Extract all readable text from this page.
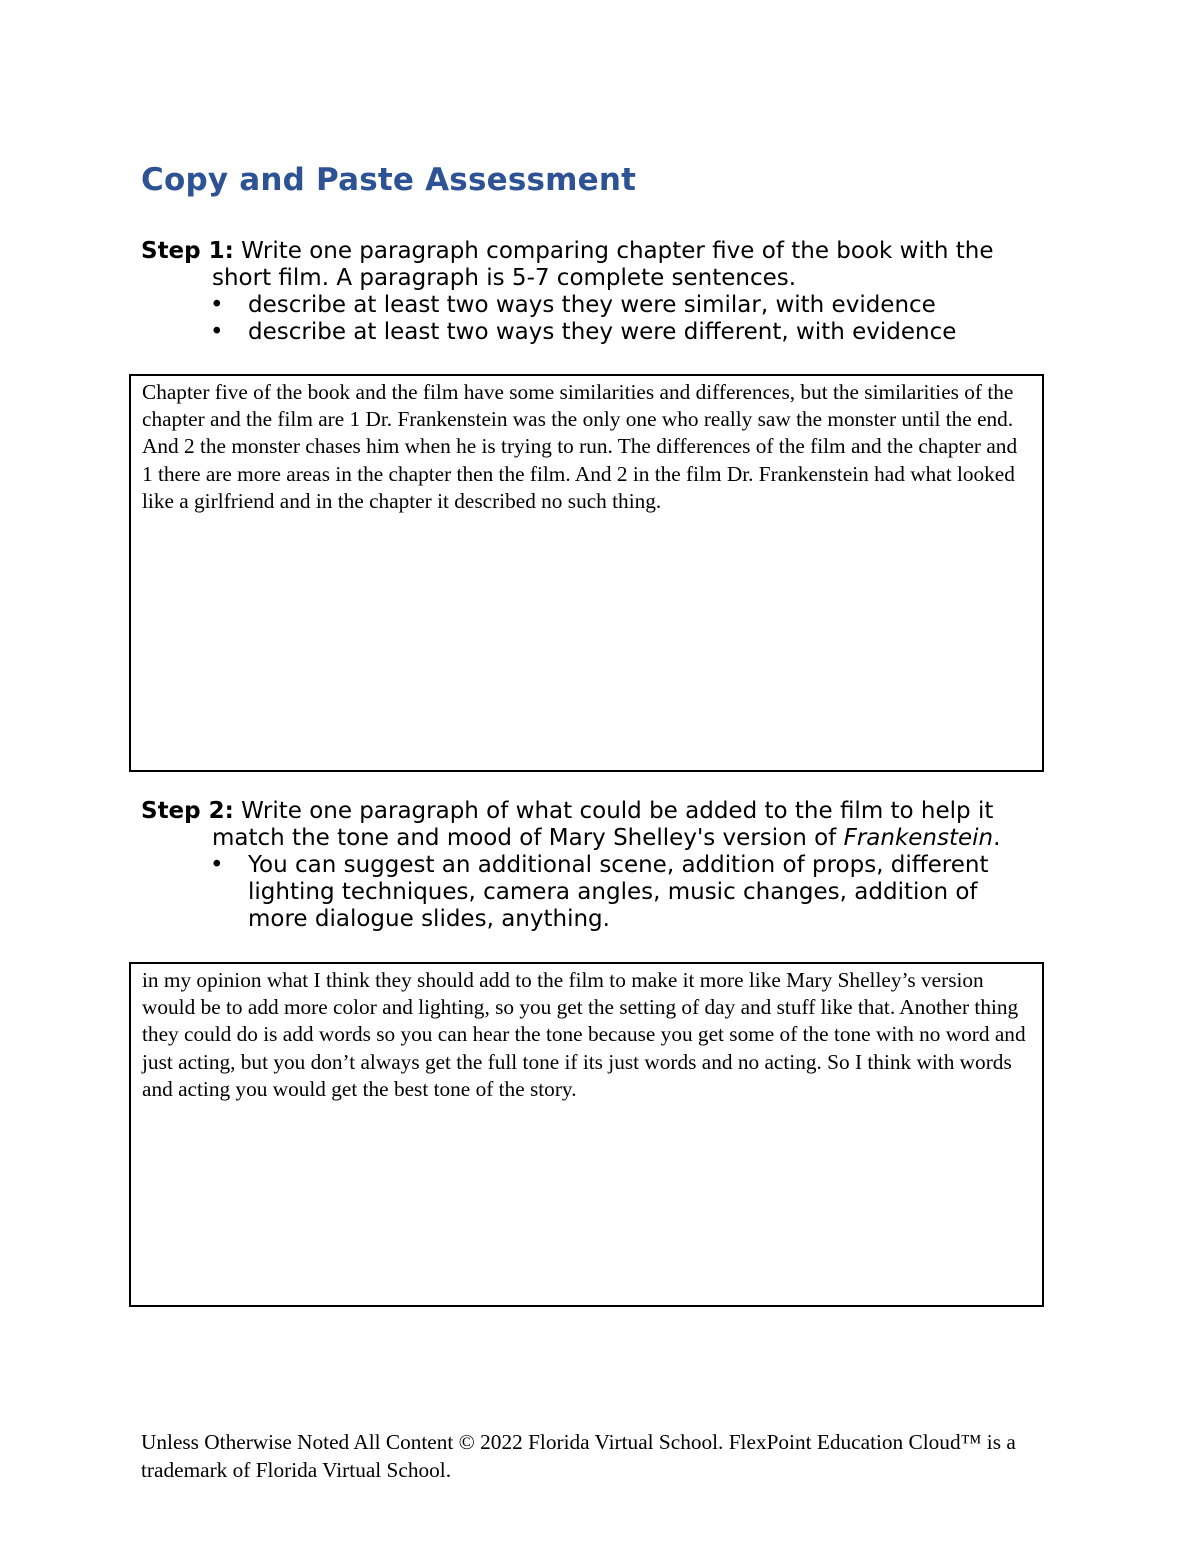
Copy and Paste Assessment

Step 1: Write one paragraph comparing chapter five of the book with the short film. A paragraph is 5-7 complete sentences.

• describe at least two ways they were similar, with evidence
• describe at least two ways they were different, with evidence
Chapter five of the book and the film have some similarities and differences, but the similarities of the chapter and the film are 1 Dr. Frankenstein was the only one who really saw the monster until the end. And 2 the monster chases him when he is trying to run. The differences of the film and the chapter and 1 there are more areas in the chapter then the film. And 2 in the film Dr. Frankenstein had what looked like a girlfriend and in the chapter it described no such thing.

Step 2: Write one paragraph of what could be added to the film to help it match the tone and mood of Mary Shelley's version of Frankenstein.

• You can suggest an additional scene, addition of props, different lighting techniques, camera angles, music changes, addition of more dialogue slides, anything.
in my opinion what I think they should add to the film to make it more like Mary Shelley’s version would be to add more color and lighting, so you get the setting of day and stuff like that. Another thing they could do is add words so you can hear the tone because you get some of the tone with no word and just acting, but you don’t always get the full tone if its just words and no acting. So I think with words and acting you would get the best tone of the story.

Unless Otherwise Noted All Content © 2022 Florida Virtual School. FlexPoint Education Cloud™ is a trademark of Florida Virtual School.
